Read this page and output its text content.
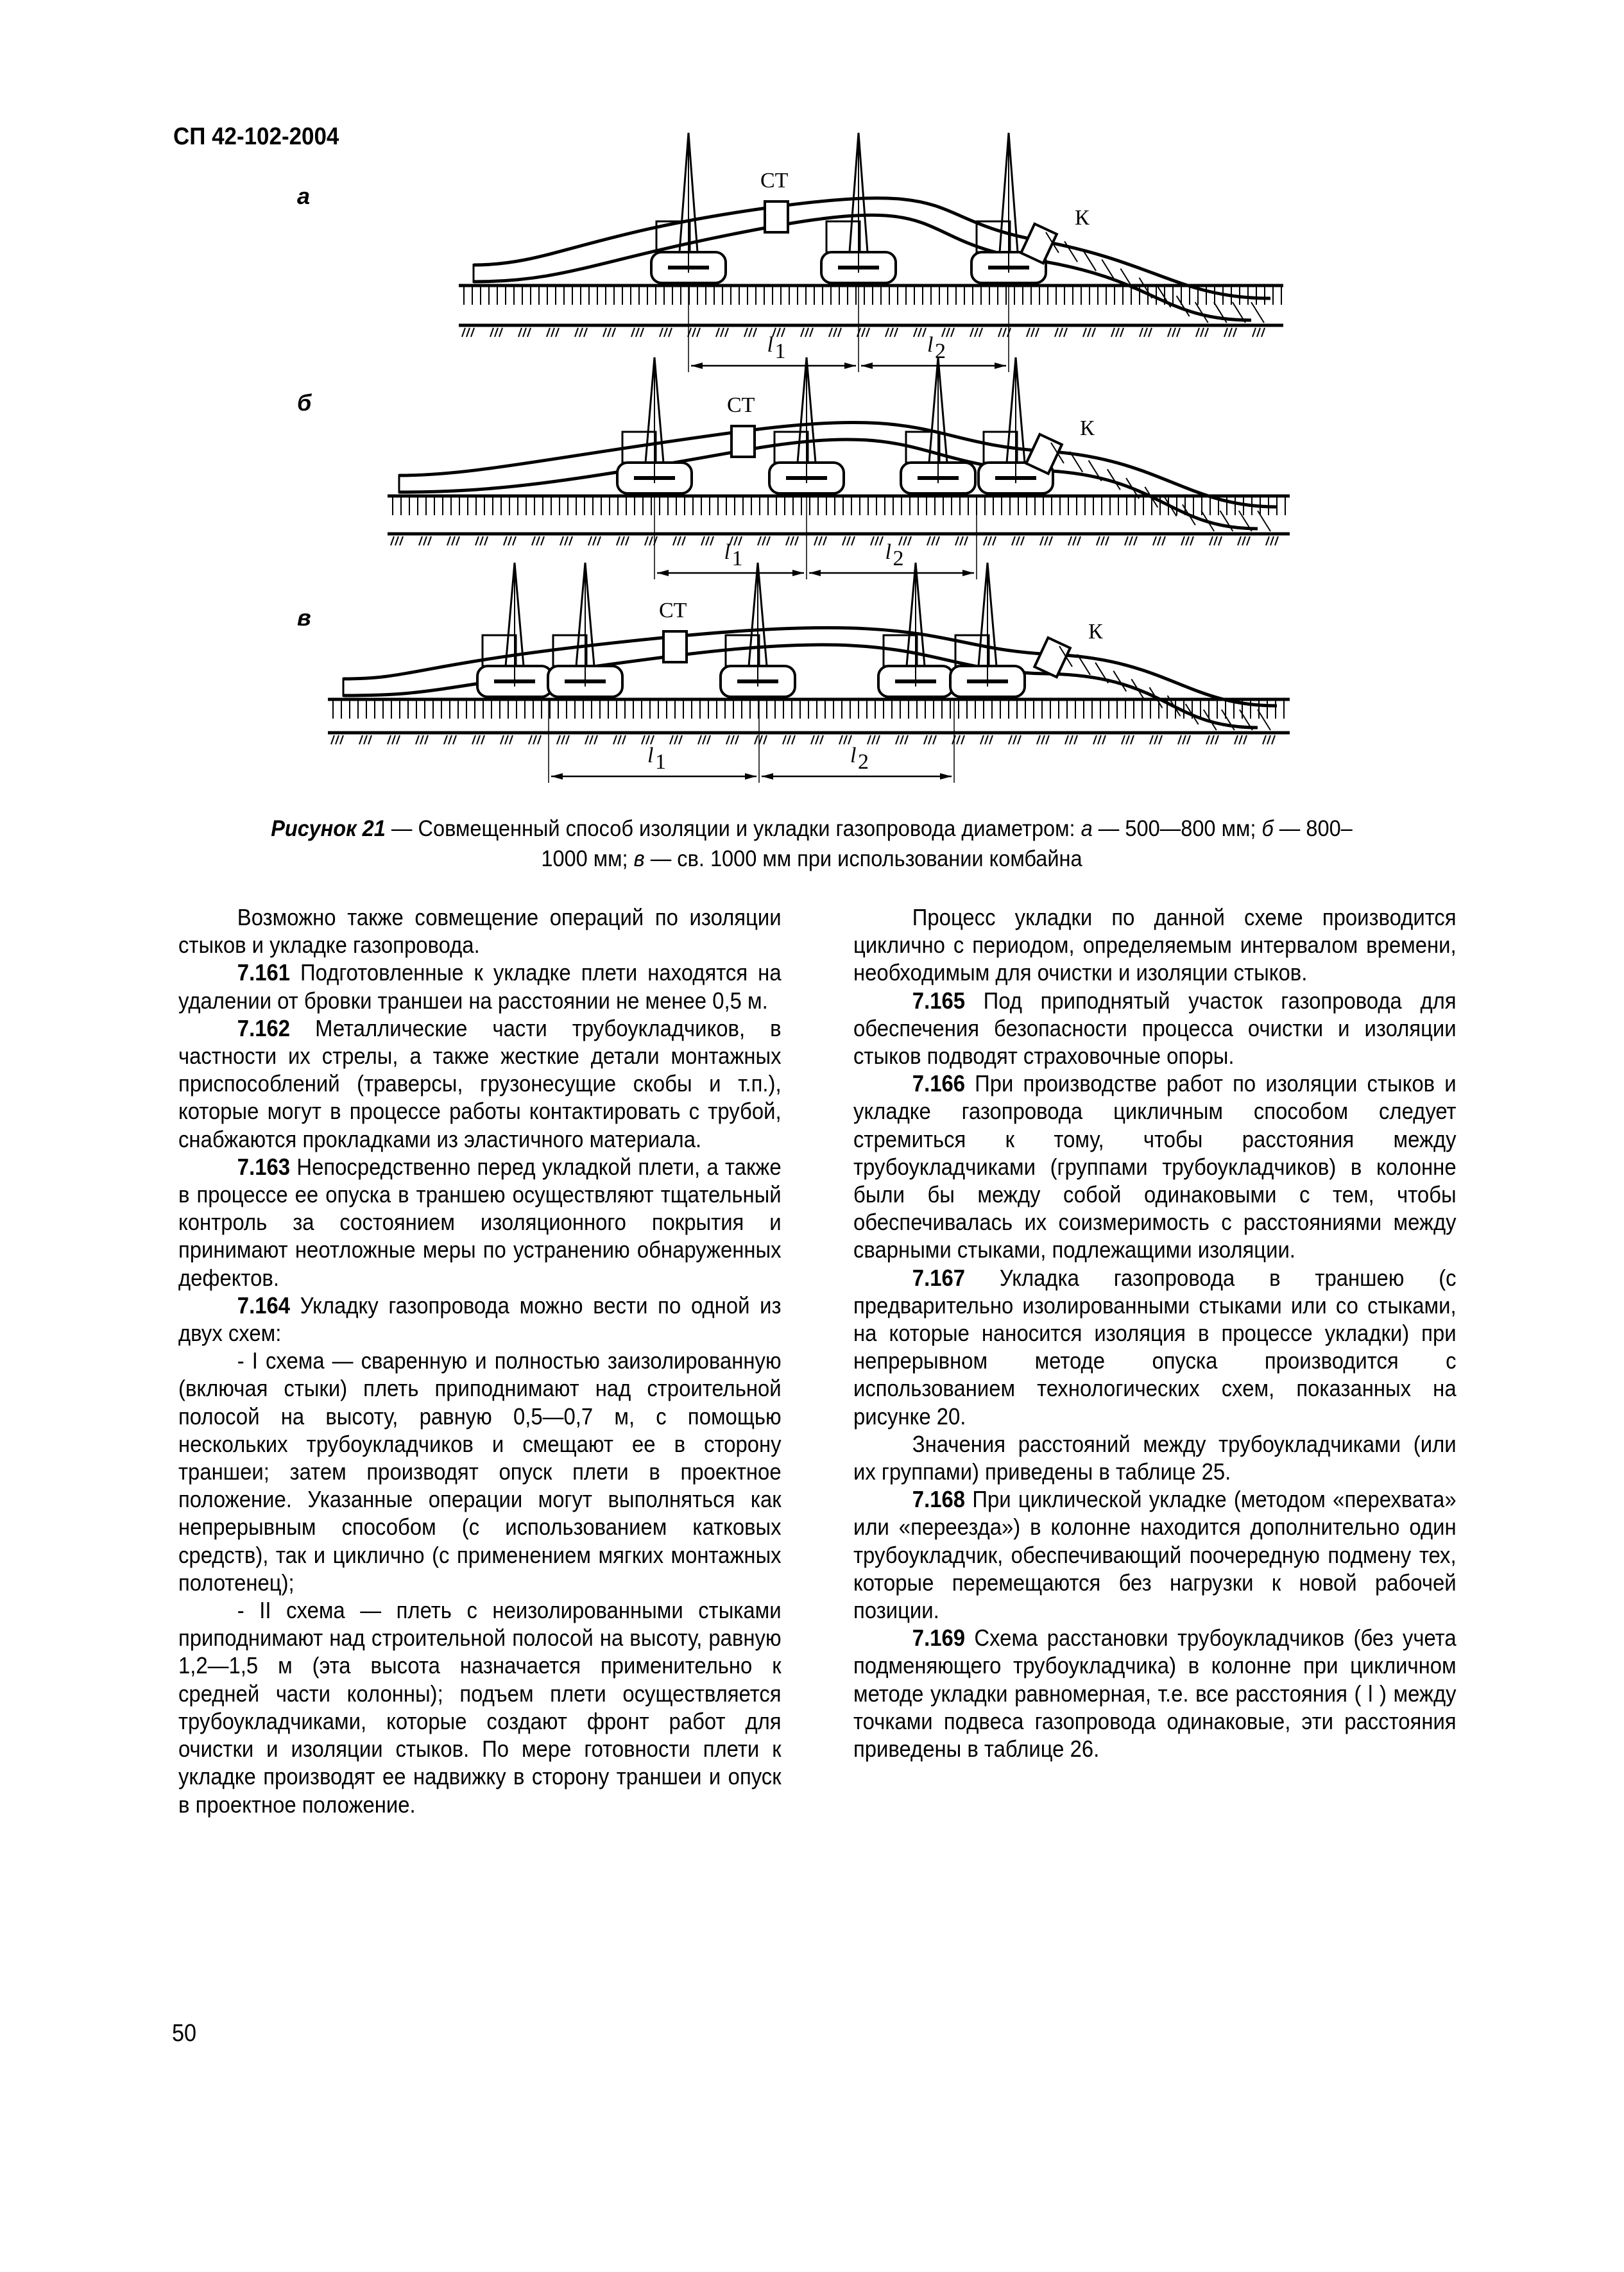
СП 42-102-2004
а
СТ
К
l 1	l 2
б	СТ
К
l 1	l 2
в	СТ
К
l 1	l 2
Рисунок 21 — Совмещенный способ изоляции и укладки газопровода диаметром: а — 500—800 мм; б — 800–
1000 мм; в — св. 1000 мм при использовании комбайна

Возможно также совмещение операций по изоляции стыков и укладке газопровода.

7.161 Подготовленные к укладке плети находятся на удалении от бровки траншеи на расстоянии не менее 0,5 м.

7.162 Металлические части трубоукладчиков, в частности их стрелы, а также жесткие детали монтажных приспособлений (траверсы, грузонесущие скобы и т.п.), которые могут в процессе работы контактировать с трубой, снабжаются прокладками из эластичного материала.

7.163 Непосредственно перед укладкой плети, а также в процессе ее опуска в траншею осуществляют тщательный контроль за состоянием изоляционного покрытия и принимают неотложные меры по устранению обнаруженных дефектов.

7.164 Укладку газопровода можно вести по одной из двух схем:

- I схема — сваренную и полностью заизолированную (включая стыки) плеть приподнимают над строительной полосой на высоту, равную 0,5—0,7 м, с помощью нескольких трубоукладчиков и смещают ее в сторону траншеи; затем производят опуск плети в проектное положение. Указанные операции могут выполняться как непрерывным способом (с использованием катковых средств), так и циклично (с применением мягких монтажных полотенец);

- II схема — плеть с неизолированными стыками приподнимают над строительной полосой на высоту, равную 1,2—1,5 м (эта высота назначается применительно к средней части колонны); подъем плети осуществляется трубоукладчиками, которые создают фронт работ для очистки и изоляции стыков. По мере готовности плети к укладке производят ее надвижку в сторону траншеи и опуск в проектное положение.

Процесс укладки по данной схеме производится циклично с периодом, определяемым интервалом времени, необходимым для очистки и изоляции стыков.

7.165 Под приподнятый участок газопровода для обеспечения безопасности процесса очистки и изоляции стыков подводят страховочные опоры.

7.166 При производстве работ по изоляции стыков и укладке газопровода цикличным способом следует стремиться к тому, чтобы расстояния между трубоукладчиками (группами трубоукладчиков) в колонне были бы между собой одинаковыми с тем, чтобы обеспечивалась их соизмеримость с расстояниями между сварными стыками, подлежащими изоляции.

7.167 Укладка газопровода в траншею (с предварительно изолированными стыками или со стыками, на которые наносится изоляция в процессе укладки) при непрерывном методе опуска производится с использованием технологических схем, показанных на рисунке 20.

Значения расстояний между трубоукладчиками (или их группами) приведены в таблице 25.

7.168 При циклической укладке (методом «перехвата» или «переезда») в колонне находится дополнительно один трубоукладчик, обеспечивающий поочередную подмену тех, которые перемещаются без нагрузки к новой рабочей позиции.

7.169 Схема расстановки трубоукладчиков (без учета подменяющего трубоукладчика) в колонне при цикличном методе укладки равномерная, т.е. все расстояния ( l ) между точками подвеса газопровода одинаковые, эти расстояния приведены в таблице 26.

50
